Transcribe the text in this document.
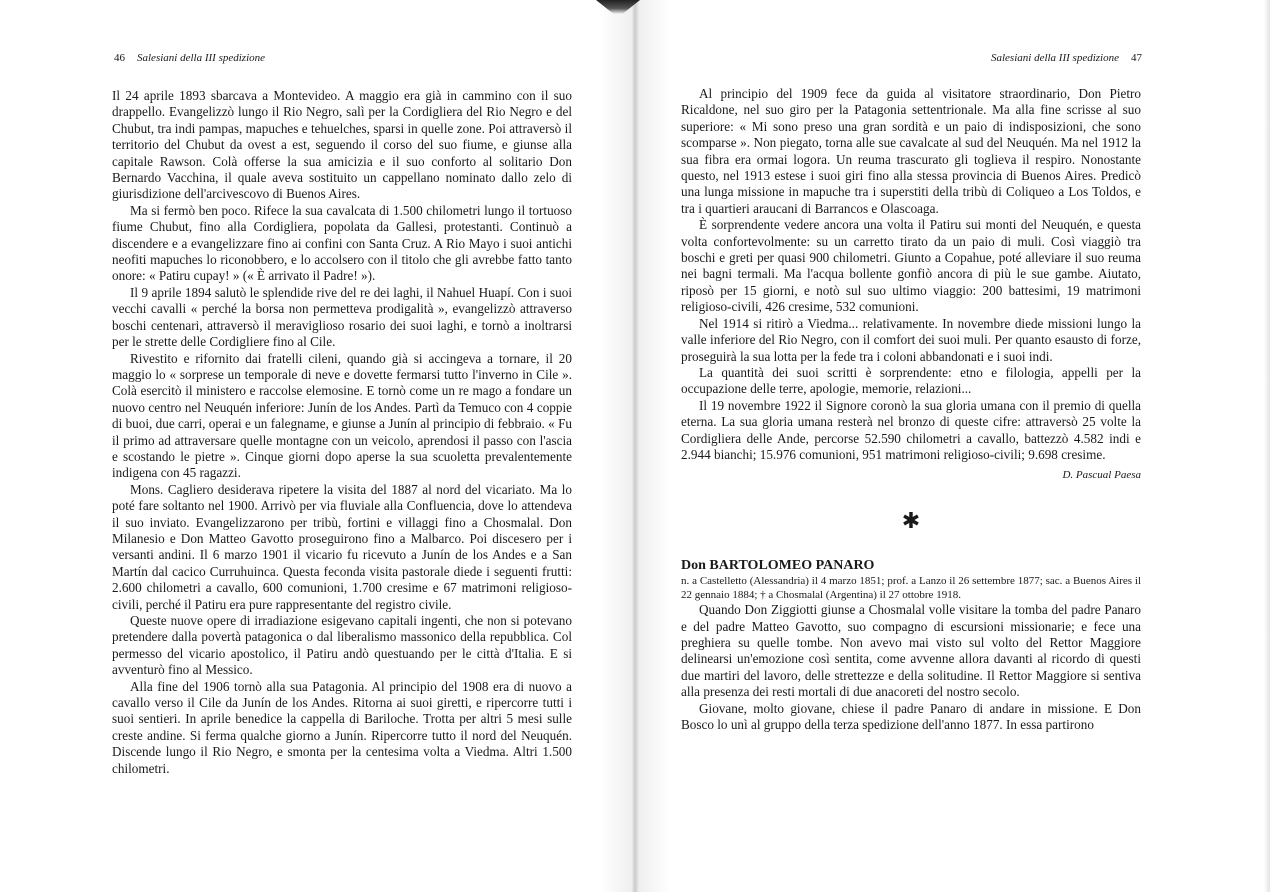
46 Salesiani della III spedizione

Il 24 aprile 1893 sbarcava a Montevideo. A maggio era già in cammino con il suo drappello. Evangelizzò lungo il Rio Negro, salì per la Cordigliera del Rio Negro e del Chubut, tra indi pampas, mapuches e tehuelches, sparsi in quelle zone. Poi attraversò il territorio del Chubut da ovest a est, seguendo il corso del suo fiume, e giunse alla capitale Rawson. Colà offerse la sua amicizia e il suo conforto al solitario Don Bernardo Vacchina, il quale aveva sostituito un cappellano nominato dallo zelo di giurisdizione dell'arcivescovo di Buenos Aires.

Ma si fermò ben poco. Rifece la sua cavalcata di 1.500 chilometri lungo il tortuoso fiume Chubut, fino alla Cordigliera, popolata da Gallesi, protestanti. Continuò a discendere e a evangelizzare fino ai confini con Santa Cruz. A Rio Mayo i suoi antichi neofiti mapuches lo riconobbero, e lo accolsero con il titolo che gli avrebbe fatto tanto onore: « Patiru cupay! » (« È arrivato il Padre! »).

Il 9 aprile 1894 salutò le splendide rive del re dei laghi, il Nahuel Huapí. Con i suoi vecchi cavalli « perché la borsa non permetteva prodigalità », evangelizzò attraverso boschi centenari, attraversò il meraviglioso rosario dei suoi laghi, e tornò a inoltrarsi per le strette delle Cordigliere fino al Cile.

Rivestito e rifornito dai fratelli cileni, quando già si accingeva a tornare, il 20 maggio lo « sorprese un temporale di neve e dovette fermarsi tutto l'inverno in Cile ». Colà esercitò il ministero e raccolse elemosine. E tornò come un re mago a fondare un nuovo centro nel Neuquén inferiore: Junín de los Andes. Partì da Temuco con 4 coppie di buoi, due carri, operai e un falegname, e giunse a Junín al principio di febbraio. « Fu il primo ad attraversare quelle montagne con un veicolo, aprendosi il passo con l'ascia e scostando le pietre ». Cinque giorni dopo aperse la sua scuoletta prevalentemente indigena con 45 ragazzi.

Mons. Cagliero desiderava ripetere la visita del 1887 al nord del vicariato. Ma lo poté fare soltanto nel 1900. Arrivò per via fluviale alla Confluencia, dove lo attendeva il suo inviato. Evangelizzarono per tribù, fortini e villaggi fino a Chosmalal. Don Milanesio e Don Matteo Gavotto proseguirono fino a Malbarco. Poi discesero per i versanti andini. Il 6 marzo 1901 il vicario fu ricevuto a Junín de los Andes e a San Martín dal cacico Curruhuinca. Questa feconda visita pastorale diede i seguenti frutti: 2.600 chilometri a cavallo, 600 comunioni, 1.700 cresime e 67 matrimoni religioso-civili, perché il Patiru era pure rappresentante del registro civile.

Queste nuove opere di irradiazione esigevano capitali ingenti, che non si potevano pretendere dalla povertà patagonica o dal liberalismo massonico della repubblica. Col permesso del vicario apostolico, il Patiru andò questuando per le città d'Italia. E si avventurò fino al Messico.

Alla fine del 1906 tornò alla sua Patagonia. Al principio del 1908 era di nuovo a cavallo verso il Cile da Junín de los Andes. Ritorna ai suoi giretti, e ripercorre tutti i suoi sentieri. In aprile benedice la cappella di Bariloche. Trotta per altri 5 mesi sulle creste andine. Si ferma qualche giorno a Junín. Ripercorre tutto il nord del Neuquén. Discende lungo il Rio Negro, e smonta per la centesima volta a Viedma. Altri 1.500 chilometri.

Salesiani della III spedizione 47

Al principio del 1909 fece da guida al visitatore straordinario, Don Pietro Ricaldone, nel suo giro per la Patagonia settentrionale. Ma alla fine scrisse al suo superiore: « Mi sono preso una gran sordità e un paio di indisposizioni, che sono scomparse ». Non piegato, torna alle sue cavalcate al sud del Neuquén. Ma nel 1912 la sua fibra era ormai logora. Un reuma trascurato gli toglieva il respiro. Nonostante questo, nel 1913 estese i suoi giri fino alla stessa provincia di Buenos Aires. Predicò una lunga missione in mapuche tra i superstiti della tribù di Coliqueo a Los Toldos, e tra i quartieri araucani di Barrancos e Olascoaga.

È sorprendente vedere ancora una volta il Patiru sui monti del Neuquén, e questa volta confortevolmente: su un carretto tirato da un paio di muli. Così viaggiò tra boschi e greti per quasi 900 chilometri. Giunto a Copahue, poté alleviare il suo reuma nei bagni termali. Ma l'acqua bollente gonfiò ancora di più le sue gambe. Aiutato, riposò per 15 giorni, e notò sul suo ultimo viaggio: 200 battesimi, 19 matrimoni religioso-civili, 426 cresime, 532 comunioni.

Nel 1914 si ritirò a Viedma... relativamente. In novembre diede missioni lungo la valle inferiore del Rio Negro, con il comfort dei suoi muli. Per quanto esausto di forze, proseguirà la sua lotta per la fede tra i coloni abbandonati e i suoi indi.

La quantità dei suoi scritti è sorprendente: etno e filologia, appelli per la occupazione delle terre, apologie, memorie, relazioni...

Il 19 novembre 1922 il Signore coronò la sua gloria umana con il premio di quella eterna. La sua gloria umana resterà nel bronzo di queste cifre: attraversò 25 volte la Cordigliera delle Ande, percorse 52.590 chilometri a cavallo, battezzò 4.582 indi e 2.944 bianchi; 15.976 comunioni, 951 matrimoni religioso-civili; 9.698 cresime.

D. Pascual Paesa
✱

Don BARTOLOMEO PANARO

n. a Castelletto (Alessandria) il 4 marzo 1851; prof. a Lanzo il 26 settembre 1877; sac. a Buenos Aires il 22 gennaio 1884; † a Chosmalal (Argentina) il 27 ottobre 1918.

Quando Don Ziggiotti giunse a Chosmalal volle visitare la tomba del padre Panaro e del padre Matteo Gavotto, suo compagno di escursioni missionarie; e fece una preghiera su quelle tombe. Non avevo mai visto sul volto del Rettor Maggiore delinearsi un'emozione così sentita, come avvenne allora davanti al ricordo di questi due martiri del lavoro, delle strettezze e della solitudine. Il Rettor Maggiore si sentiva alla presenza dei resti mortali di due anacoreti del nostro secolo.

Giovane, molto giovane, chiese il padre Panaro di andare in missione. E Don Bosco lo unì al gruppo della terza spedizione dell'anno 1877. In essa partirono
